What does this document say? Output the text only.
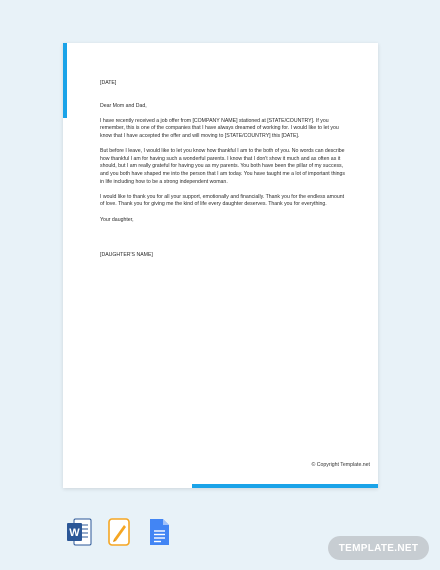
[DATE]

Dear Mom and Dad,

I have recently received a job offer from [COMPANY NAME] stationed at [STATE/COUNTRY]. If you remember, this is one of the companies that I have always dreamed of working for. I would like to let you know that I have accepted the offer and will moving to [STATE/COUNTRY] this [DATE].

But before I leave, I would like to let you know how thankful I am to the both of you. No words can describe how thankful I am for having such a wonderful parents. I know that I don't show it much and as often as it should, but I am really grateful for having you as my parents. You both have been the pillar of my success, and you both have shaped me into the person that I am today. You have taught me a lot of important things in life including how to be a strong independent woman.

I would like to thank you for all your support, emotionally and financially. Thank you for the endless amount of love. Thank you for giving me the kind of life every daughter deserves. Thank you for everything.

Your daughter,

[DAUGHTER'S NAME]

© Copyright Template.net
W
TEMPLATE.NET
